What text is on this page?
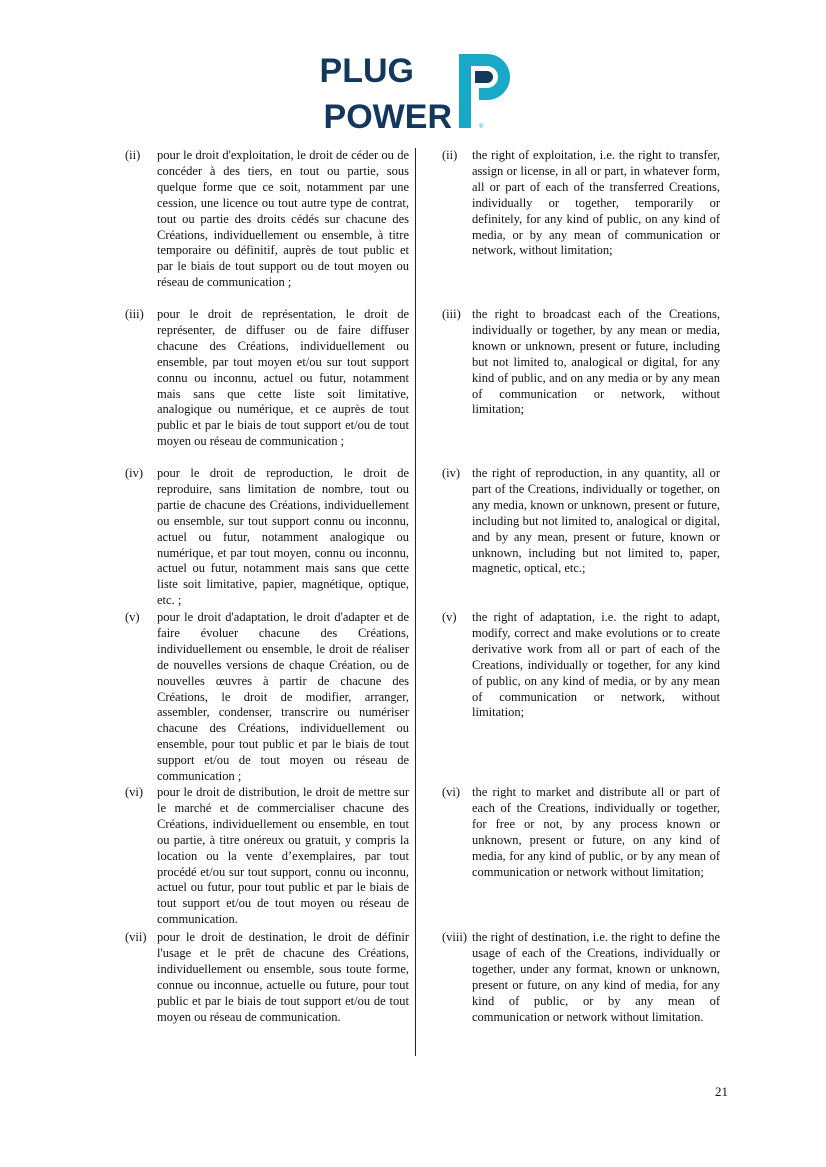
PLUG
POWER	®
(ii)	pour le droit d'exploitation, le droit de céder ou de concéder à des tiers, en tout ou partie, sous quelque forme que ce soit, notamment par une cession, une licence ou tout autre type de contrat, tout ou partie des droits cédés sur chacune des Créations, individuellement ou ensemble, à titre temporaire ou définitif, auprès de tout public et par le biais de tout support ou de tout moyen ou réseau de communication ;
(ii)	the right of exploitation, i.e. the right to transfer, assign or license, in all or part, in whatever form, all or part of each of the transferred Creations, individually or together, temporarily or definitely, for any kind of public, on any kind of media, or by any mean of communication or network, without limitation;
(iii)	pour le droit de représentation, le droit de représenter, de diffuser ou de faire diffuser chacune des Créations, individuellement ou ensemble, par tout moyen et/ou sur tout support connu ou inconnu, actuel ou futur, notamment mais sans que cette liste soit limitative, analogique ou numérique, et ce auprès de tout public et par le biais de tout support et/ou de tout moyen ou réseau de communication ;
(iii) the right to broadcast each of the Creations, individually or together, by any mean or media, known or unknown, present or future, including but not limited to, analogical or digital, for any kind of public, and on any media or by any mean of communication or network, without limitation;
(iv)	pour le droit de reproduction, le droit de reproduire, sans limitation de nombre, tout ou partie de chacune des Créations, individuellement ou ensemble, sur tout support connu ou inconnu, actuel ou futur, notamment analogique ou numérique, et par tout moyen, connu ou inconnu, actuel ou futur, notamment mais sans que cette liste soit limitative, papier, magnétique, optique, etc. ;
(iv) the right of reproduction, in any quantity, all or part of the Creations, individually or together, on any media, known or unknown, present or future, including but not limited to, analogical or digital, and by any mean, present or future, known or unknown, including but not limited to, paper, magnetic, optical, etc.;
(v)	pour le droit d'adaptation, le droit d'adapter et de faire évoluer chacune des Créations, individuellement ou ensemble, le droit de réaliser de nouvelles versions de chaque Création, ou de nouvelles œuvres à partir de chacune des Créations, le droit de modifier, arranger, assembler, condenser, transcrire ou numériser chacune des Créations, individuellement ou ensemble, pour tout public et par le biais de tout support et/ou de tout moyen ou réseau de communication ;
(v)	the right of adaptation, i.e. the right to adapt, modify, correct and make evolutions or to create derivative work from all or part of each of the Creations, individually or together, for any kind of public, on any kind of media, or by any mean of communication or network, without limitation;
(vi)	pour le droit de distribution, le droit de mettre sur le marché et de commercialiser chacune des Créations, individuellement ou ensemble, en tout ou partie, à titre onéreux ou gratuit, y compris la location ou la vente d’exemplaires, par tout procédé et/ou sur tout support, connu ou inconnu, actuel ou futur, pour tout public et par le biais de tout support et/ou de tout moyen ou réseau de communication.
(vi) the right to market and distribute all or part of each of the Creations, individually or together, for free or not, by any process known or unknown, present or future, on any kind of media, for any kind of public, or by any mean of communication or network without limitation;
(vii) pour le droit de destination, le droit de définir l'usage et le prêt de chacune des Créations, individuellement ou ensemble, sous toute forme, connue ou inconnue, actuelle ou future, pour tout public et par le biais de tout support et/ou de tout moyen ou réseau de communication.
(viii) the right of destination, i.e. the right to define the usage of each of the Creations, individually or together, under any format, known or unknown, present or future, on any kind of media, for any kind of public, or by any mean of communication or network without limitation.
21
